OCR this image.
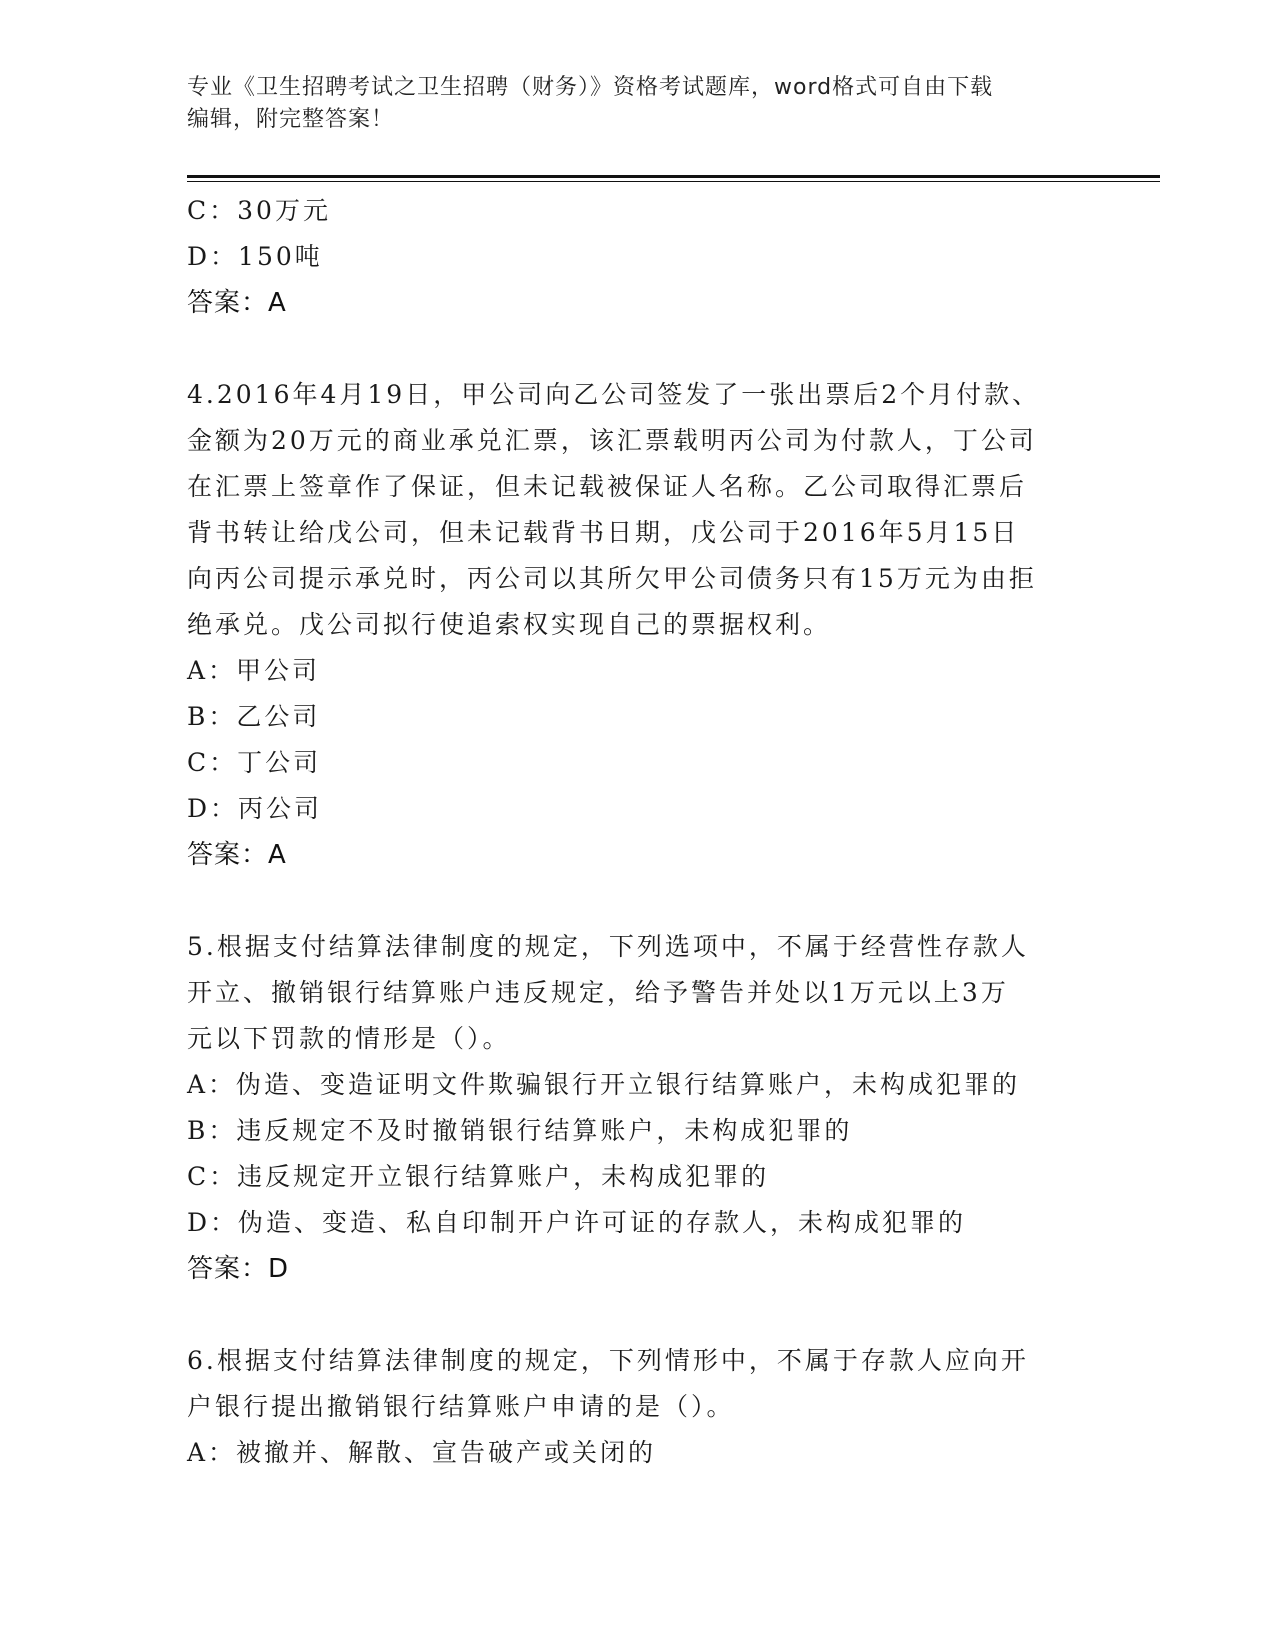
专业《卫生招聘考试之卫生招聘（财务）》资格考试题库，word格式可自由下载
编辑，附完整答案！
C：30万元
D：150吨
答案：A
4.2016年4月19日，甲公司向乙公司签发了一张出票后2个月付款、
金额为20万元的商业承兑汇票，该汇票载明丙公司为付款人，丁公司
在汇票上签章作了保证，但未记载被保证人名称。乙公司取得汇票后
背书转让给戊公司，但未记载背书日期，戊公司于2016年5月15日
向丙公司提示承兑时，丙公司以其所欠甲公司债务只有15万元为由拒
绝承兑。戊公司拟行使追索权实现自己的票据权利。
A：甲公司
B：乙公司
C：丁公司
D：丙公司
答案：A
5.根据支付结算法律制度的规定，下列选项中，不属于经营性存款人
开立、撤销银行结算账户违反规定，给予警告并处以1万元以上3万
元以下罚款的情形是（）。
A：伪造、变造证明文件欺骗银行开立银行结算账户，未构成犯罪的
B：违反规定不及时撤销银行结算账户，未构成犯罪的
C：违反规定开立银行结算账户，未构成犯罪的
D：伪造、变造、私自印制开户许可证的存款人，未构成犯罪的
答案：D
6.根据支付结算法律制度的规定，下列情形中，不属于存款人应向开
户银行提出撤销银行结算账户申请的是（）。
A：被撤并、解散、宣告破产或关闭的
